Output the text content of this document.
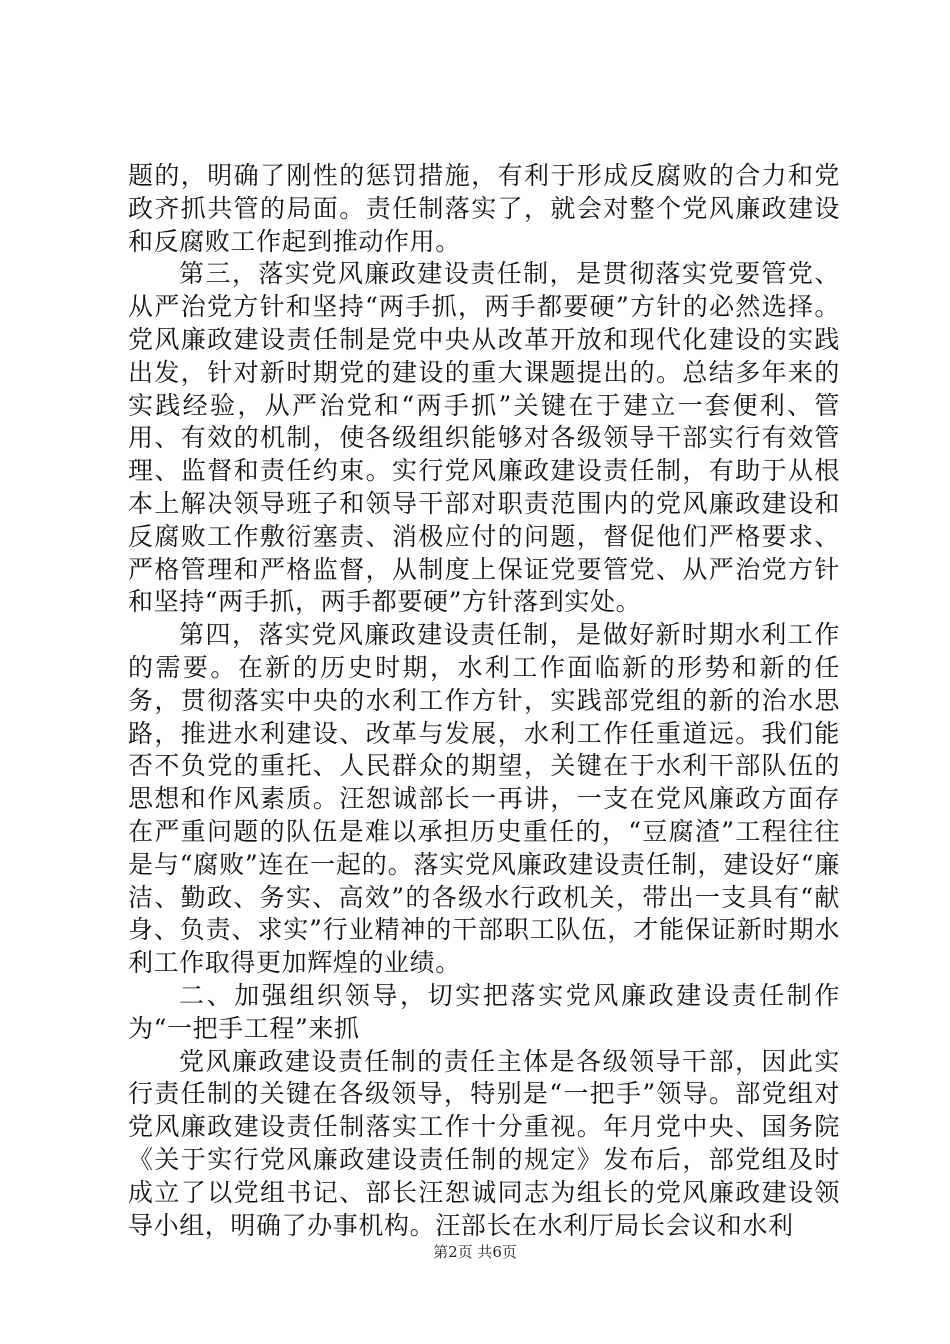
题的，明确了刚性的惩罚措施，有利于形成反腐败的合力和党政齐抓共管的局面。责任制落实了，就会对整个党风廉政建设和反腐败工作起到推动作用。

第三，落实党风廉政建设责任制，是贯彻落实党要管党、从严治党方针和坚持“两手抓，两手都要硬”方针的必然选择。党风廉政建设责任制是党中央从改革开放和现代化建设的实践出发，针对新时期党的建设的重大课题提出的。总结多年来的实践经验，从严治党和“两手抓”关键在于建立一套便利、管用、有效的机制，使各级组织能够对各级领导干部实行有效管理、监督和责任约束。实行党风廉政建设责任制，有助于从根本上解决领导班子和领导干部对职责范围内的党风廉政建设和反腐败工作敷衍塞责、消极应付的问题，督促他们严格要求、严格管理和严格监督，从制度上保证党要管党、从严治党方针和坚持“两手抓，两手都要硬”方针落到实处。

第四，落实党风廉政建设责任制，是做好新时期水利工作的需要。在新的历史时期，水利工作面临新的形势和新的任务，贯彻落实中央的水利工作方针，实践部党组的新的治水思路，推进水利建设、改革与发展，水利工作任重道远。我们能否不负党的重托、人民群众的期望，关键在于水利干部队伍的思想和作风素质。汪恕诚部长一再讲，一支在党风廉政方面存在严重问题的队伍是难以承担历史重任的，“豆腐渣”工程往往是与“腐败”连在一起的。落实党风廉政建设责任制，建设好“廉洁、勤政、务实、高效”的各级水行政机关，带出一支具有“献身、负责、求实”行业精神的干部职工队伍，才能保证新时期水利工作取得更加辉煌的业绩。

二、加强组织领导，切实把落实党风廉政建设责任制作为“一把手工程”来抓

党风廉政建设责任制的责任主体是各级领导干部，因此实行责任制的关键在各级领导，特别是“一把手”领导。部党组对党风廉政建设责任制落实工作十分重视。年月党中央、国务院《关于实行党风廉政建设责任制的规定》发布后，部党组及时成立了以党组书记、部长汪恕诚同志为组长的党风廉政建设领导小组，明确了办事机构。汪部长在水利厅局长会议和水利

第2页 共6页
